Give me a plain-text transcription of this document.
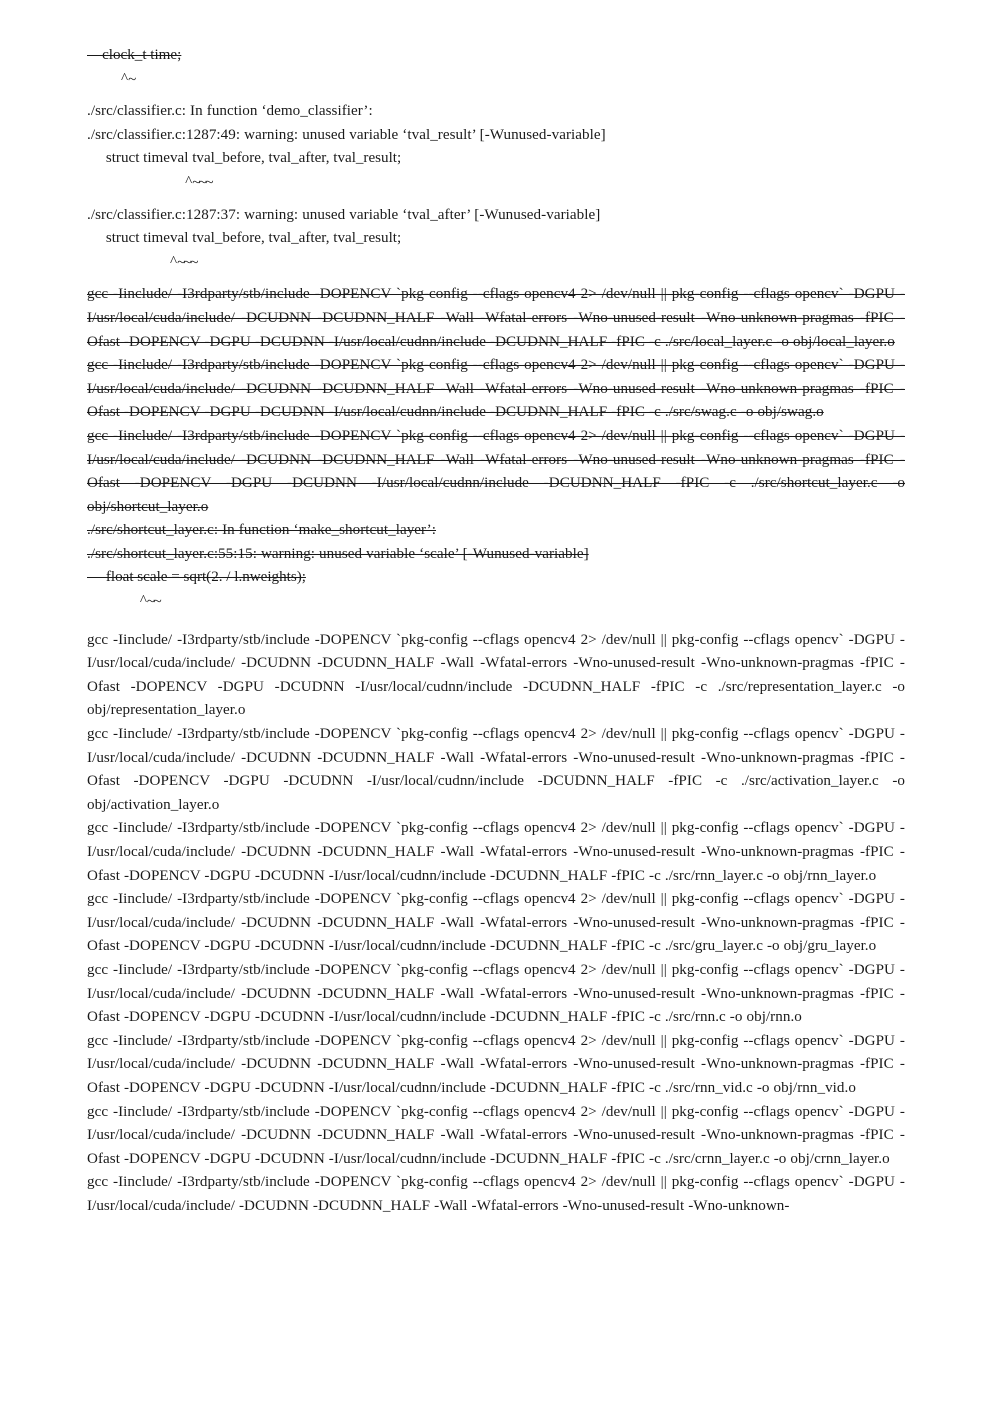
clock_t time;

^~

./src/classifier.c: In function ‘demo_classifier’:

./src/classifier.c:1287:49: warning: unused variable ‘tval_result’ [-Wunused-variable]

struct timeval tval_before, tval_after, tval_result;

^~~~

./src/classifier.c:1287:37: warning: unused variable ‘tval_after’ [-Wunused-variable]

struct timeval tval_before, tval_after, tval_result;

^~~~

gcc -Iinclude/ -I3rdparty/stb/include -DOPENCV `pkg-config --cflags opencv4 2> /dev/null || pkg-config --cflags opencv` -DGPU -I/usr/local/cuda/include/ -DCUDNN -DCUDNN_HALF -Wall -Wfatal-errors -Wno-unused-result -Wno-unknown-pragmas -fPIC -Ofast -DOPENCV -DGPU -DCUDNN -I/usr/local/cudnn/include -DCUDNN_HALF -fPIC -c ./src/local_layer.c -o obj/local_layer.o

gcc -Iinclude/ -I3rdparty/stb/include -DOPENCV `pkg-config --cflags opencv4 2> /dev/null || pkg-config --cflags opencv` -DGPU -I/usr/local/cuda/include/ -DCUDNN -DCUDNN_HALF -Wall -Wfatal-errors -Wno-unused-result -Wno-unknown-pragmas -fPIC -Ofast -DOPENCV -DGPU -DCUDNN -I/usr/local/cudnn/include -DCUDNN_HALF -fPIC -c ./src/swag.c -o obj/swag.o

gcc -Iinclude/ -I3rdparty/stb/include -DOPENCV `pkg-config --cflags opencv4 2> /dev/null || pkg-config --cflags opencv` -DGPU -I/usr/local/cuda/include/ -DCUDNN -DCUDNN_HALF -Wall -Wfatal-errors -Wno-unused-result -Wno-unknown-pragmas -fPIC -Ofast -DOPENCV -DGPU -DCUDNN -I/usr/local/cudnn/include -DCUDNN_HALF -fPIC -c ./src/shortcut_layer.c -o obj/shortcut_layer.o

./src/shortcut_layer.c: In function ‘make_shortcut_layer’:

./src/shortcut_layer.c:55:15: warning: unused variable ‘scale’ [-Wunused-variable]

float scale = sqrt(2. / l.nweights);

^~~

gcc -Iinclude/ -I3rdparty/stb/include -DOPENCV `pkg-config --cflags opencv4 2> /dev/null || pkg-config --cflags opencv` -DGPU -I/usr/local/cuda/include/ -DCUDNN -DCUDNN_HALF -Wall -Wfatal-errors -Wno-unused-result -Wno-unknown-pragmas -fPIC -Ofast -DOPENCV -DGPU -DCUDNN -I/usr/local/cudnn/include -DCUDNN_HALF -fPIC -c ./src/representation_layer.c -o obj/representation_layer.o

gcc -Iinclude/ -I3rdparty/stb/include -DOPENCV `pkg-config --cflags opencv4 2> /dev/null || pkg-config --cflags opencv` -DGPU -I/usr/local/cuda/include/ -DCUDNN -DCUDNN_HALF -Wall -Wfatal-errors -Wno-unused-result -Wno-unknown-pragmas -fPIC -Ofast -DOPENCV -DGPU -DCUDNN -I/usr/local/cudnn/include -DCUDNN_HALF -fPIC -c ./src/activation_layer.c -o obj/activation_layer.o

gcc -Iinclude/ -I3rdparty/stb/include -DOPENCV `pkg-config --cflags opencv4 2> /dev/null || pkg-config --cflags opencv` -DGPU -I/usr/local/cuda/include/ -DCUDNN -DCUDNN_HALF -Wall -Wfatal-errors -Wno-unused-result -Wno-unknown-pragmas -fPIC -Ofast -DOPENCV -DGPU -DCUDNN -I/usr/local/cudnn/include -DCUDNN_HALF -fPIC -c ./src/rnn_layer.c -o obj/rnn_layer.o

gcc -Iinclude/ -I3rdparty/stb/include -DOPENCV `pkg-config --cflags opencv4 2> /dev/null || pkg-config --cflags opencv` -DGPU -I/usr/local/cuda/include/ -DCUDNN -DCUDNN_HALF -Wall -Wfatal-errors -Wno-unused-result -Wno-unknown-pragmas -fPIC -Ofast -DOPENCV -DGPU -DCUDNN -I/usr/local/cudnn/include -DCUDNN_HALF -fPIC -c ./src/gru_layer.c -o obj/gru_layer.o

gcc -Iinclude/ -I3rdparty/stb/include -DOPENCV `pkg-config --cflags opencv4 2> /dev/null || pkg-config --cflags opencv` -DGPU -I/usr/local/cuda/include/ -DCUDNN -DCUDNN_HALF -Wall -Wfatal-errors -Wno-unused-result -Wno-unknown-pragmas -fPIC -Ofast -DOPENCV -DGPU -DCUDNN -I/usr/local/cudnn/include -DCUDNN_HALF -fPIC -c ./src/rnn.c -o obj/rnn.o

gcc -Iinclude/ -I3rdparty/stb/include -DOPENCV `pkg-config --cflags opencv4 2> /dev/null || pkg-config --cflags opencv` -DGPU -I/usr/local/cuda/include/ -DCUDNN -DCUDNN_HALF -Wall -Wfatal-errors -Wno-unused-result -Wno-unknown-pragmas -fPIC -Ofast -DOPENCV -DGPU -DCUDNN -I/usr/local/cudnn/include -DCUDNN_HALF -fPIC -c ./src/rnn_vid.c -o obj/rnn_vid.o

gcc -Iinclude/ -I3rdparty/stb/include -DOPENCV `pkg-config --cflags opencv4 2> /dev/null || pkg-config --cflags opencv` -DGPU -I/usr/local/cuda/include/ -DCUDNN -DCUDNN_HALF -Wall -Wfatal-errors -Wno-unused-result -Wno-unknown-pragmas -fPIC -Ofast -DOPENCV -DGPU -DCUDNN -I/usr/local/cudnn/include -DCUDNN_HALF -fPIC -c ./src/crnn_layer.c -o obj/crnn_layer.o

gcc -Iinclude/ -I3rdparty/stb/include -DOPENCV `pkg-config --cflags opencv4 2> /dev/null || pkg-config --cflags opencv` -DGPU -I/usr/local/cuda/include/ -DCUDNN -DCUDNN_HALF -Wall -Wfatal-errors -Wno-unused-result -Wno-unknown-
